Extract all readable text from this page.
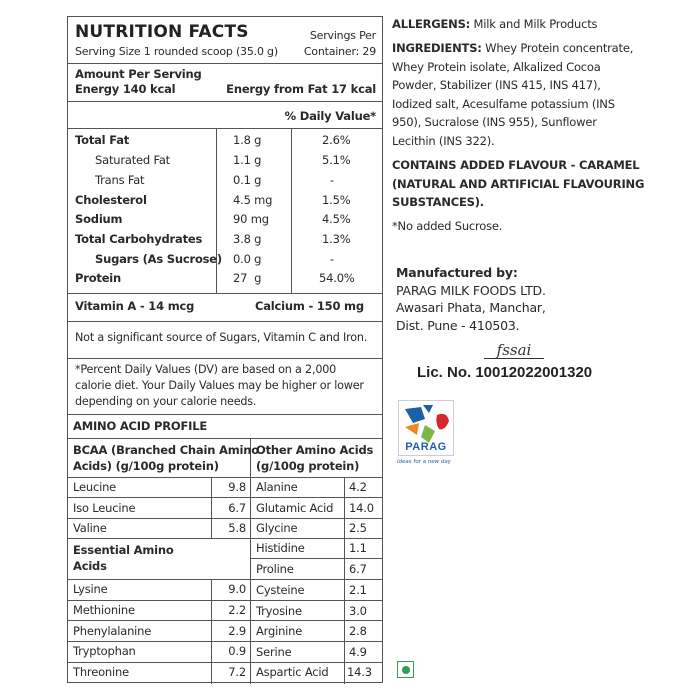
NUTRITION FACTS
Serving Size 1 rounded scoop (35.0 g)
Servings Per
Container: 29
Amount Per Serving
Energy 140 kcal	Energy from Fat 17 kcal
% Daily Value*
Total Fat	1.8 g	2.6%
Saturated Fat	1.1 g	5.1%
Trans Fat	0.1 g	-
Cholesterol	4.5 mg	1.5%
Sodium	90 mg	4.5%
Total Carbohydrates	3.8 g	1.3%
Sugars (As Sucrose) 0.0 g	-
Protein	27  g	54.0%
Vitamin A - 14 mcg	Calcium - 150 mg
Not a significant source of Sugars, Vitamin C and Iron.
*Percent Daily Values (DV) are based on a 2,000
calorie diet. Your Daily Values may be higher or lower
depending on your calorie needs.
AMINO ACID PROFILE
BCAA (Branched Chain Amino
Acids) (g/100g protein)
Other Amino Acids
(g/100g protein)
Leucine	9.8
Iso Leucine	6.7
Valine	5.8
Essential Amino
Acids
Lysine	9.0
Methionine	2.2
Phenylalanine	2.9
Tryptophan	0.9
Threonine	7.2
Alanine	4.2
Glutamic Acid 14.0
Glycine	2.5
Histidine	1.1
Proline	6.7
Cysteine	2.1
Tryosine	3.0
Arginine	2.8
Serine	4.9
Aspartic Acid 14.3
ALLERGENS: Milk and Milk Products
INGREDIENTS: Whey Protein concentrate,
Whey Protein isolate, Alkalized Cocoa
Powder, Stabilizer (INS 415, INS 417),
Iodized salt, Acesulfame potassium (INS
950), Sucralose (INS 955), Sunflower
Lecithin (INS 322).
CONTAINS ADDED FLAVOUR - CARAMEL
(NATURAL AND ARTIFICIAL FLAVOURING
SUBSTANCES).
*No added Sucrose.
Manufactured by:
PARAG MILK FOODS LTD.
Awasari Phata, Manchar,
Dist. Pune - 410503.
fssai
Lic. No. 10012022001320
PARAG
ideas for a new day
